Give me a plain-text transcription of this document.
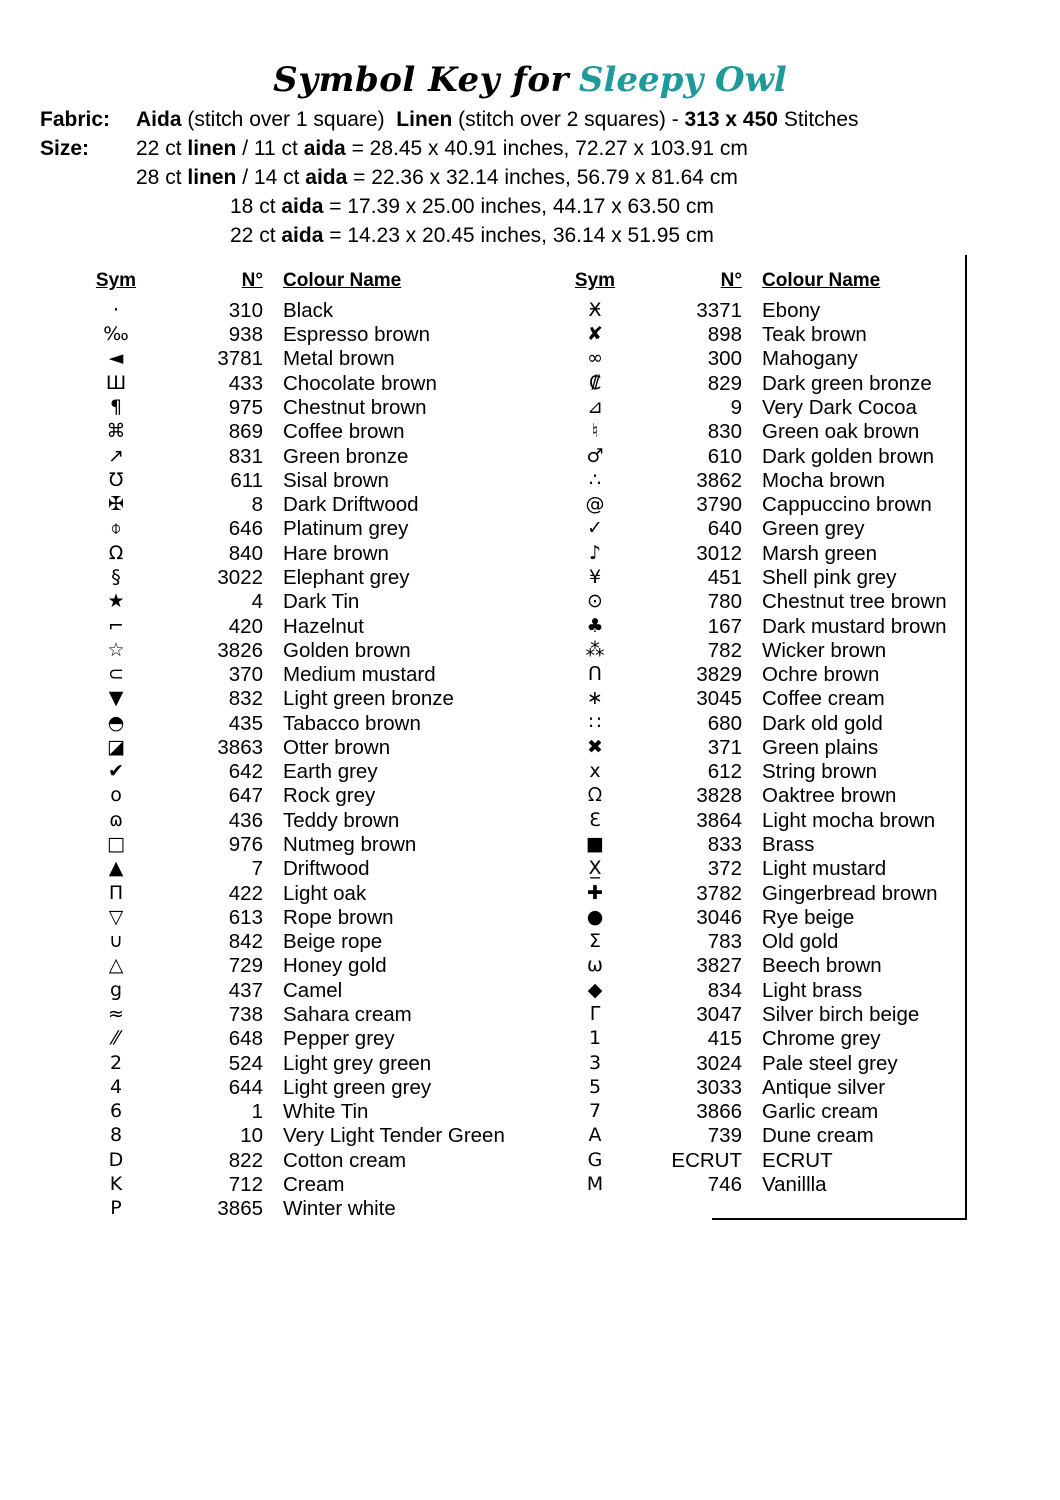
Symbol Key for Sleepy Owl
Fabric: Aida (stitch over 1 square) Linen (stitch over 2 squares) - 313 x 450 Stitches
Size: 22 ct linen / 11 ct aida = 28.45 x 40.91 inches, 72.27 x 103.91 cm
28 ct linen / 14 ct aida = 22.36 x 32.14 inches, 56.79 x 81.64 cm
18 ct aida = 17.39 x 25.00 inches, 44.17 x 63.50 cm
22 ct aida = 14.23 x 20.45 inches, 36.14 x 51.95 cm
Sym	N°	Colour Name
·	310	Black
‰	938	Espresso brown
◄	3781	Metal brown
Ш	433	Chocolate brown
¶	975	Chestnut brown
⌘	869	Coffee brown
↗	831	Green bronze
℧	611	Sisal brown
✠	8	Dark Driftwood
⌽	646	Platinum grey
Ω	840	Hare brown
§	3022	Elephant grey
★	4	Dark Tin
⌐	420	Hazelnut
☆	3826	Golden brown
⊂	370	Medium mustard
▼	832	Light green bronze
◓	435	Tabacco brown
◪	3863	Otter brown
✔	642	Earth grey
o	647	Rock grey
ɷ	436	Teddy brown
□	976	Nutmeg brown
▲	7	Driftwood
Π	422	Light oak
▽	613	Rope brown
∪	842	Beige rope
△	729	Honey gold
g	437	Camel
≈	738	Sahara cream
⁄⁄	648	Pepper grey
2	524	Light grey green
4	644	Light green grey
6	1	White Tin
8	10	Very Light Tender Green
D	822	Cotton cream
K	712	Cream
P	3865	Winter white
Sym	N°	Colour Name
Ӿ	3371	Ebony
✘	898	Teak brown
∞	300	Mahogany
₡	829	Dark green bronze
⊿	9	Very Dark Cocoa
♮	830	Green oak brown
♂	610	Dark golden brown
∴	3862	Mocha brown
@	3790	Cappuccino brown
✓	640	Green grey
♪	3012	Marsh green
¥	451	Shell pink grey
⊙	780	Chestnut tree brown
♣	167	Dark mustard brown
⁂	782	Wicker brown
ᑎ	3829	Ochre brown
∗	3045	Coffee cream
∷	680	Dark old gold
✖	371	Green plains
x	612	String brown
ᘯ	3828	Oaktree brown
Ɛ	3864	Light mocha brown
■	833	Brass
X̲	372	Light mustard
✚	3782	Gingerbread brown
●	3046	Rye beige
Σ	783	Old gold
ω	3827	Beech brown
◆	834	Light brass
ᒥ	3047	Silver birch beige
1	415	Chrome grey
3	3024	Pale steel grey
5	3033	Antique silver
7	3866	Garlic cream
A	739	Dune cream
G	ECRUT	ECRUT
M	746	Vanillla
